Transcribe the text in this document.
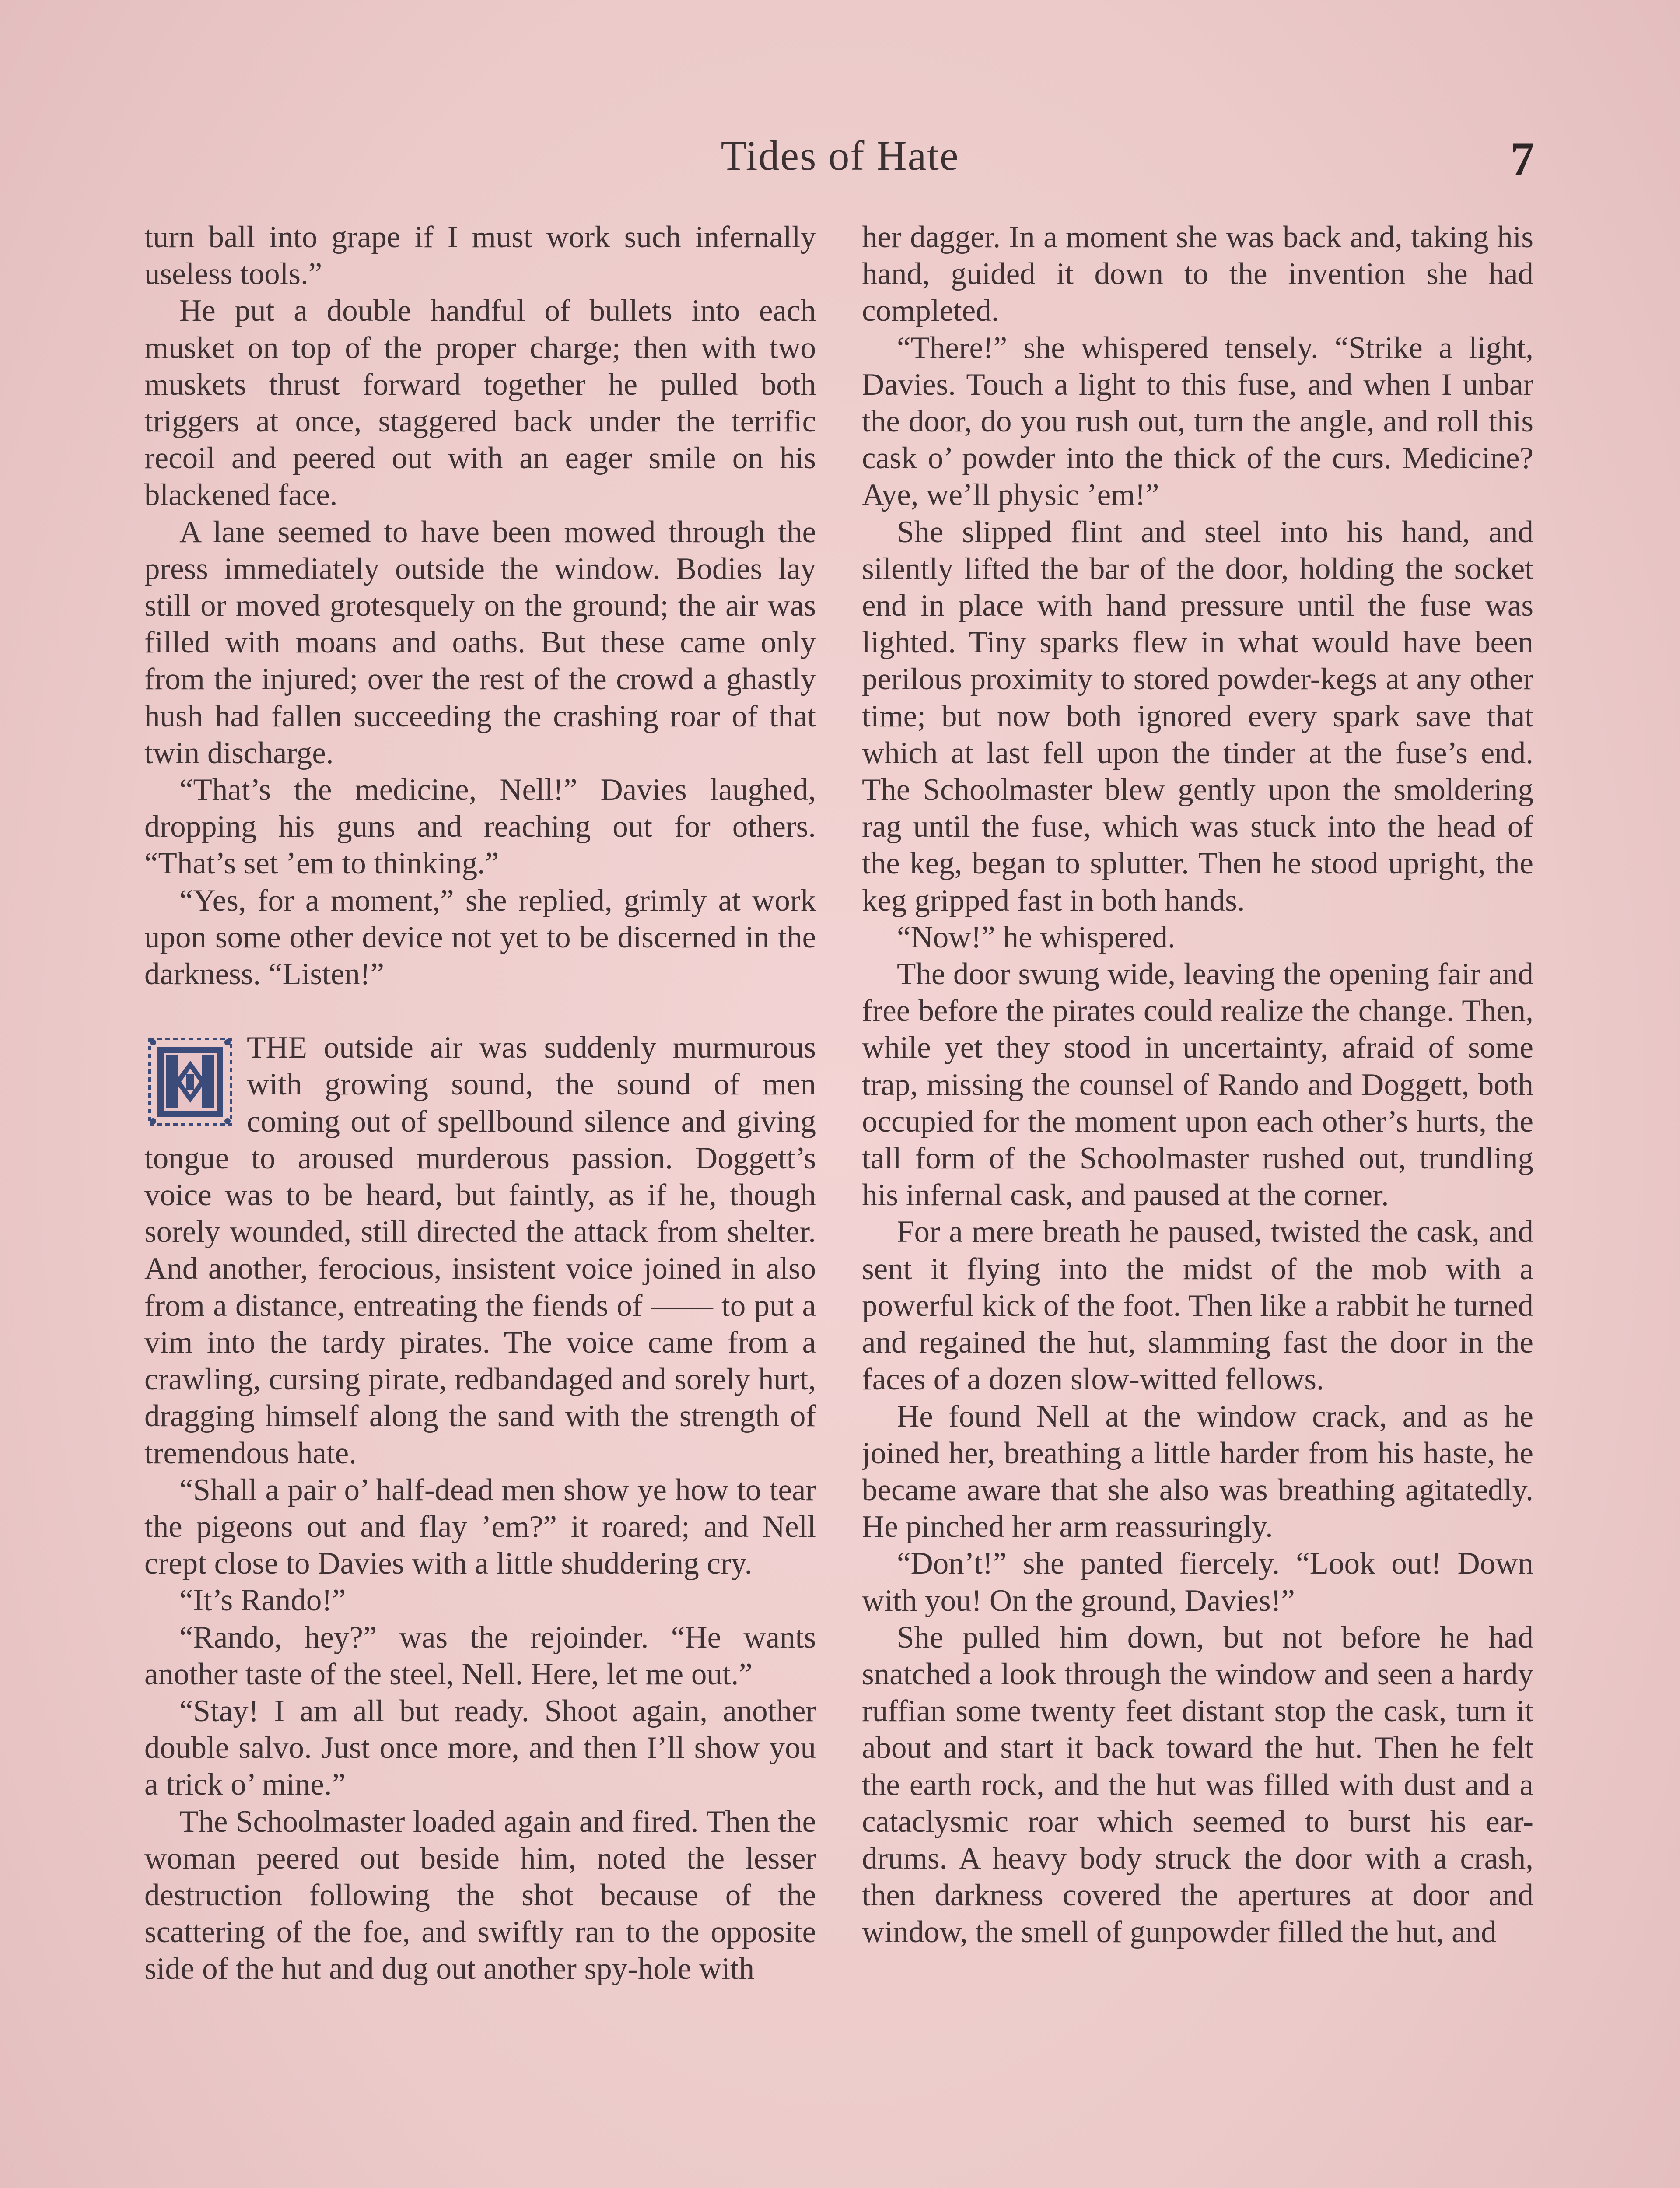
Tides of Hate	7

turn ball into grape if I must work such infernally useless tools.”

He put a double handful of bullets into each musket on top of the proper charge; then with two muskets thrust forward together he pulled both triggers at once, staggered back under the terrific recoil and peered out with an eager smile on his blackened face.

A lane seemed to have been mowed through the press immediately outside the window. Bodies lay still or moved grotesquely on the ground; the air was filled with moans and oaths. But these came only from the injured; over the rest of the crowd a ghastly hush had fallen succeeding the crashing roar of that twin discharge.

“That’s the medicine, Nell!” Davies laughed, dropping his guns and reaching out for others. “That’s set ’em to thinking.”

“Yes, for a moment,” she replied, grimly at work upon some other device not yet to be discerned in the darkness. “Listen!”

THE outside air was suddenly murmurous with growing sound, the sound of men coming out of spellbound silence and giving tongue to aroused murderous passion. Doggett’s voice was to be heard, but faintly, as if he, though sorely wounded, still directed the attack from shelter. And another, ferocious, insistent voice joined in also from a distance, entreating the fiends of —— to put a vim into the tardy pirates. The voice came from a crawling, cursing pirate, redbandaged and sorely hurt, dragging himself along the sand with the strength of tremendous hate.

“Shall a pair o’ half-dead men show ye how to tear the pigeons out and flay ’em?” it roared; and Nell crept close to Davies with a little shuddering cry.

“It’s Rando!”

“Rando, hey?” was the rejoinder. “He wants another taste of the steel, Nell. Here, let me out.”

“Stay! I am all but ready. Shoot again, another double salvo. Just once more, and then I’ll show you a trick o’ mine.”

The Schoolmaster loaded again and fired. Then the woman peered out beside him, noted the lesser destruction following the shot because of the scattering of the foe, and swiftly ran to the opposite side of the hut and dug out another spy-hole with

her dagger. In a moment she was back and, taking his hand, guided it down to the invention she had completed.

“There!” she whispered tensely. “Strike a light, Davies. Touch a light to this fuse, and when I unbar the door, do you rush out, turn the angle, and roll this cask o’ powder into the thick of the curs. Medicine? Aye, we’ll physic ’em!”

She slipped flint and steel into his hand, and silently lifted the bar of the door, holding the socket end in place with hand pressure until the fuse was lighted. Tiny sparks flew in what would have been perilous proximity to stored powder-kegs at any other time; but now both ignored every spark save that which at last fell upon the tinder at the fuse’s end. The Schoolmaster blew gently upon the smoldering rag until the fuse, which was stuck into the head of the keg, began to splutter. Then he stood upright, the keg gripped fast in both hands.

“Now!” he whispered.

The door swung wide, leaving the opening fair and free before the pirates could realize the change. Then, while yet they stood in uncertainty, afraid of some trap, missing the counsel of Rando and Doggett, both occupied for the moment upon each other’s hurts, the tall form of the Schoolmaster rushed out, trundling his infernal cask, and paused at the corner.

For a mere breath he paused, twisted the cask, and sent it flying into the midst of the mob with a powerful kick of the foot. Then like a rabbit he turned and regained the hut, slamming fast the door in the faces of a dozen slow-witted fellows.

He found Nell at the window crack, and as he joined her, breathing a little harder from his haste, he became aware that she also was breathing agitatedly. He pinched her arm reassuringly.

“Don’t!” she panted fiercely. “Look out! Down with you! On the ground, Davies!”

She pulled him down, but not before he had snatched a look through the window and seen a hardy ruffian some twenty feet distant stop the cask, turn it about and start it back toward the hut. Then he felt the earth rock, and the hut was filled with dust and a cataclysmic roar which seemed to burst his ear-drums. A heavy body struck the door with a crash, then darkness covered the apertures at door and window, the smell of gunpowder filled the hut, and
